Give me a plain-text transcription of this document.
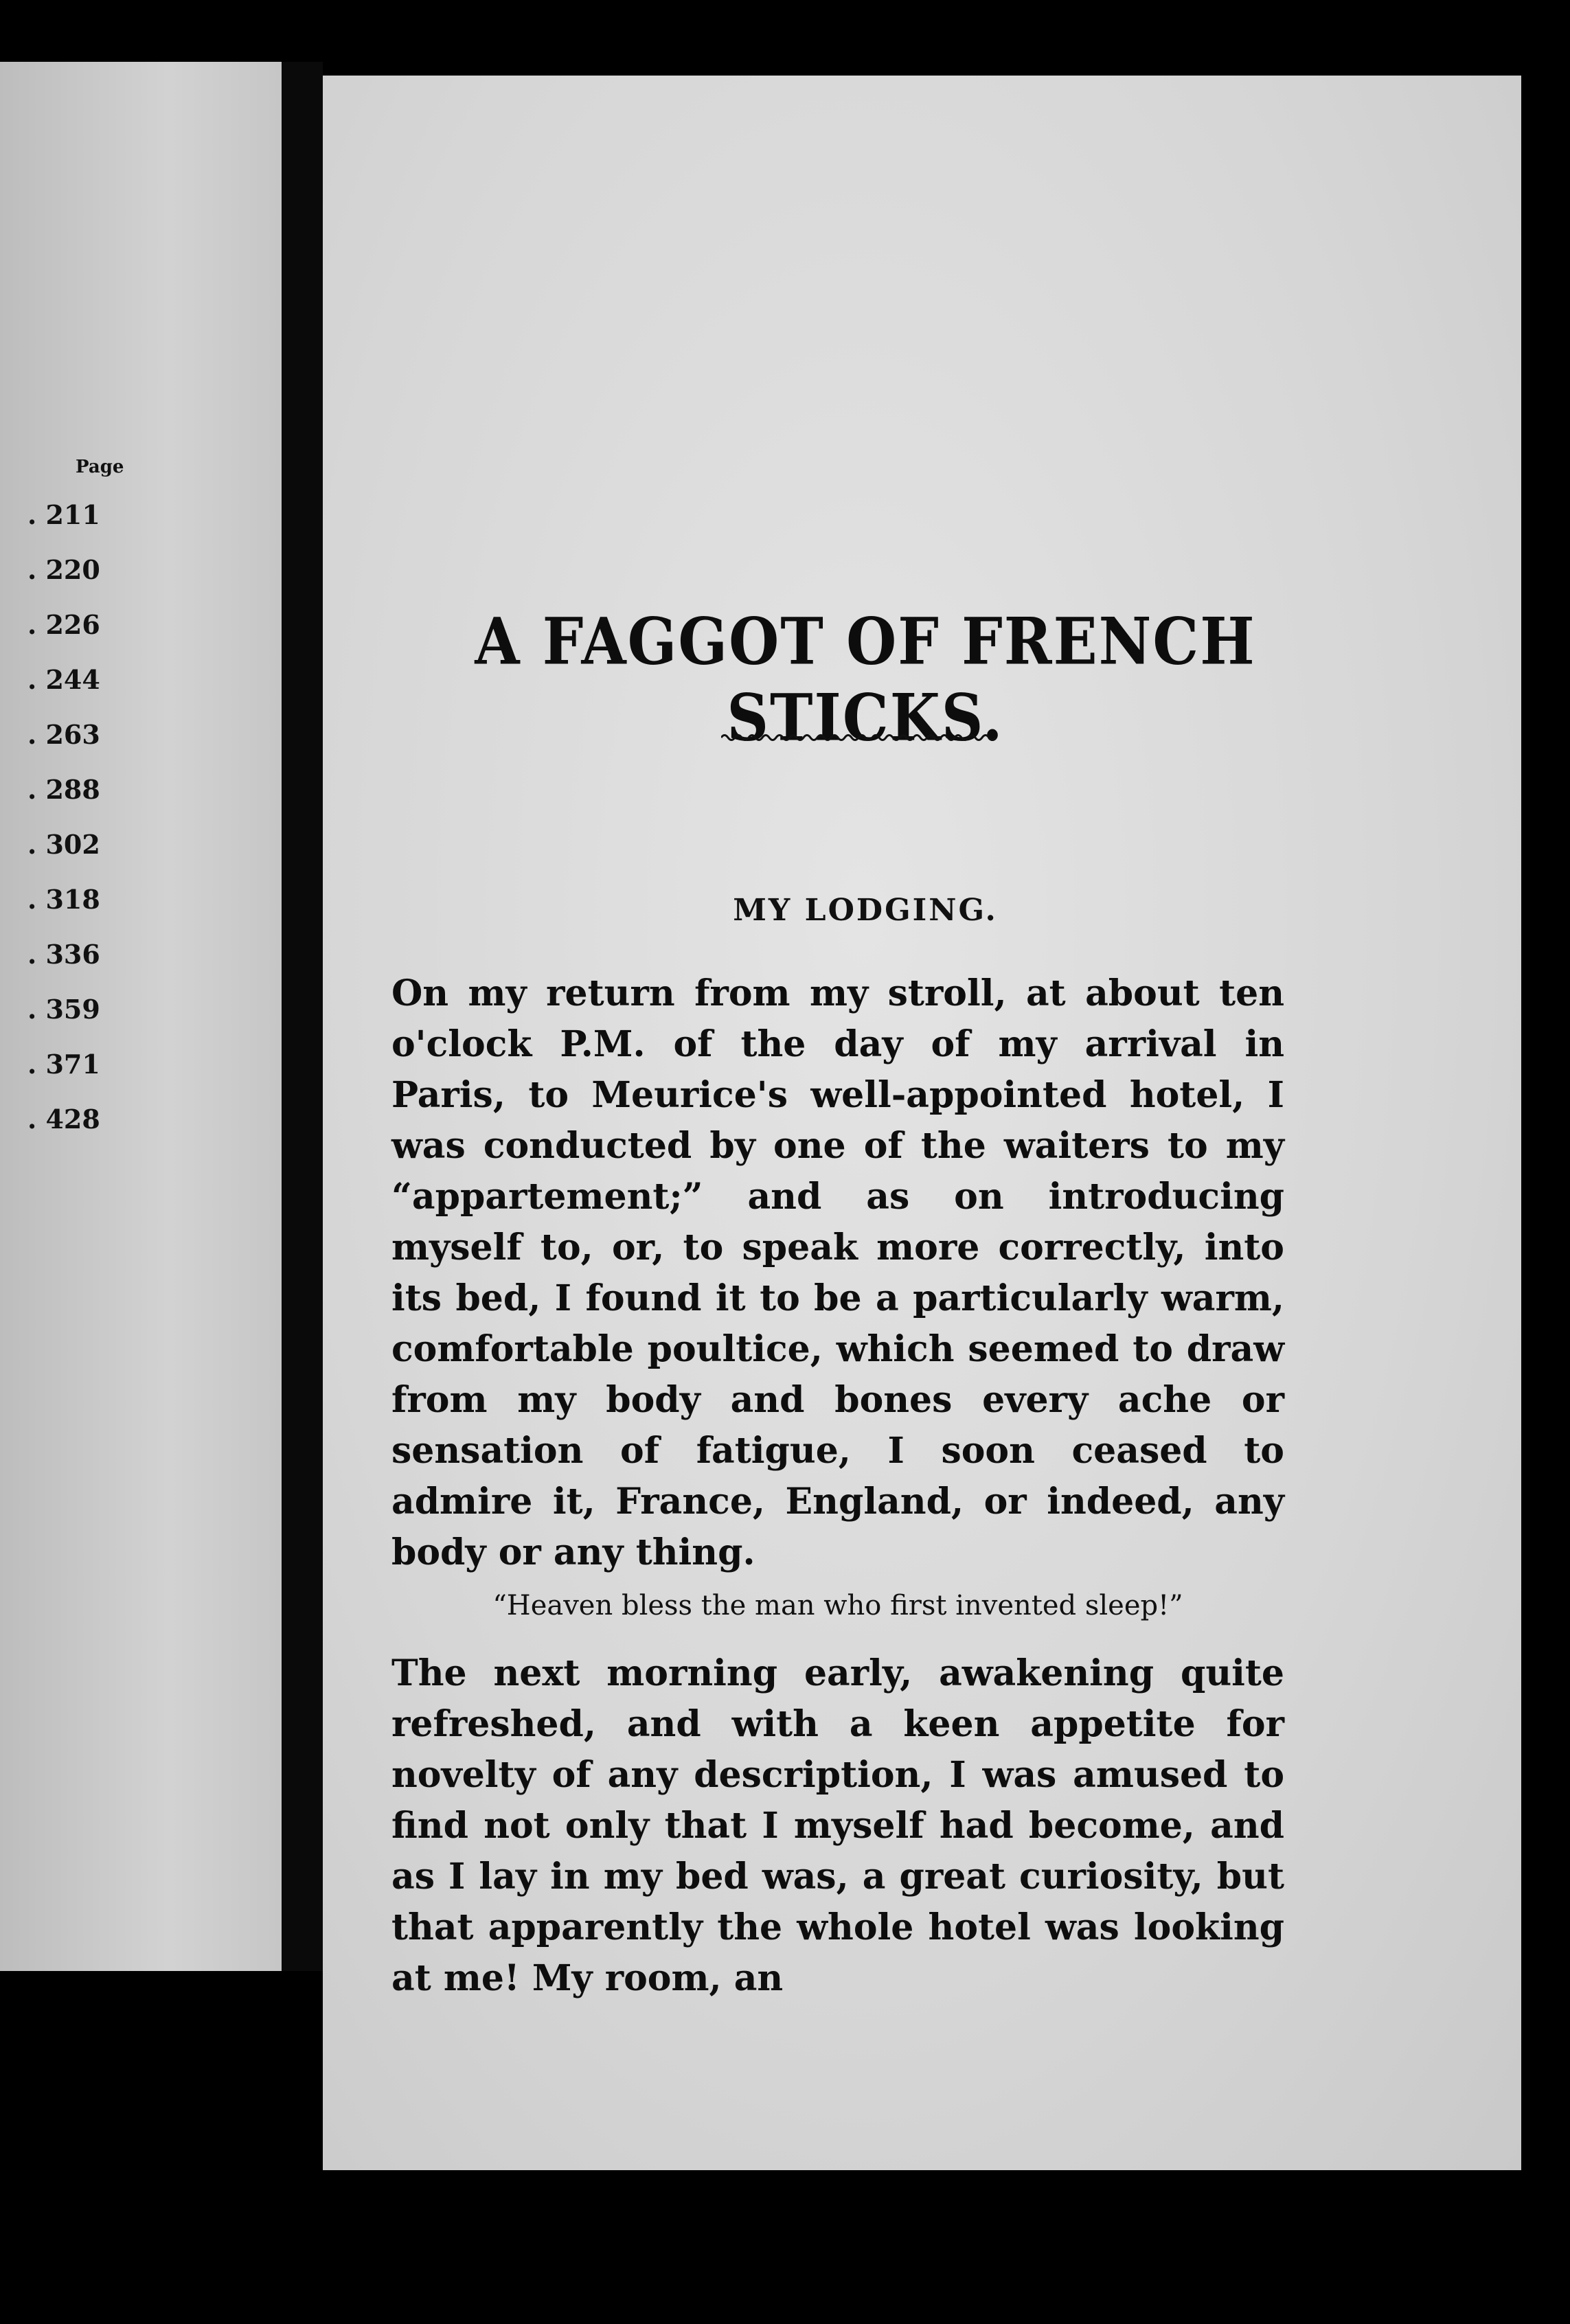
Page
. 211
. 220
. 226
. 244
. 263
. 288
. 302
. 318
. 336
. 359
. 371
. 428
A FAGGOT OF FRENCH STICKS.
MY LODGING.

On my return from my stroll, at about ten o'clock P.M. of the day of my arrival in Paris, to Meurice's well-appointed hotel, I was conducted by one of the waiters to my “appartement;” and as on introducing myself to, or, to speak more correctly, into its bed, I found it to be a particularly warm, comfortable poultice, which seemed to draw from my body and bones every ache or sensation of fatigue, I soon ceased to admire it, France, England, or indeed, any body or any thing.

“Heaven bless the man who first invented sleep!”

The next morning early, awakening quite refreshed, and with a keen appetite for novelty of any description, I was amused to find not only that I myself had become, and as I lay in my bed was, a great curiosity, but that apparently the whole hotel was looking at me! My room, an
